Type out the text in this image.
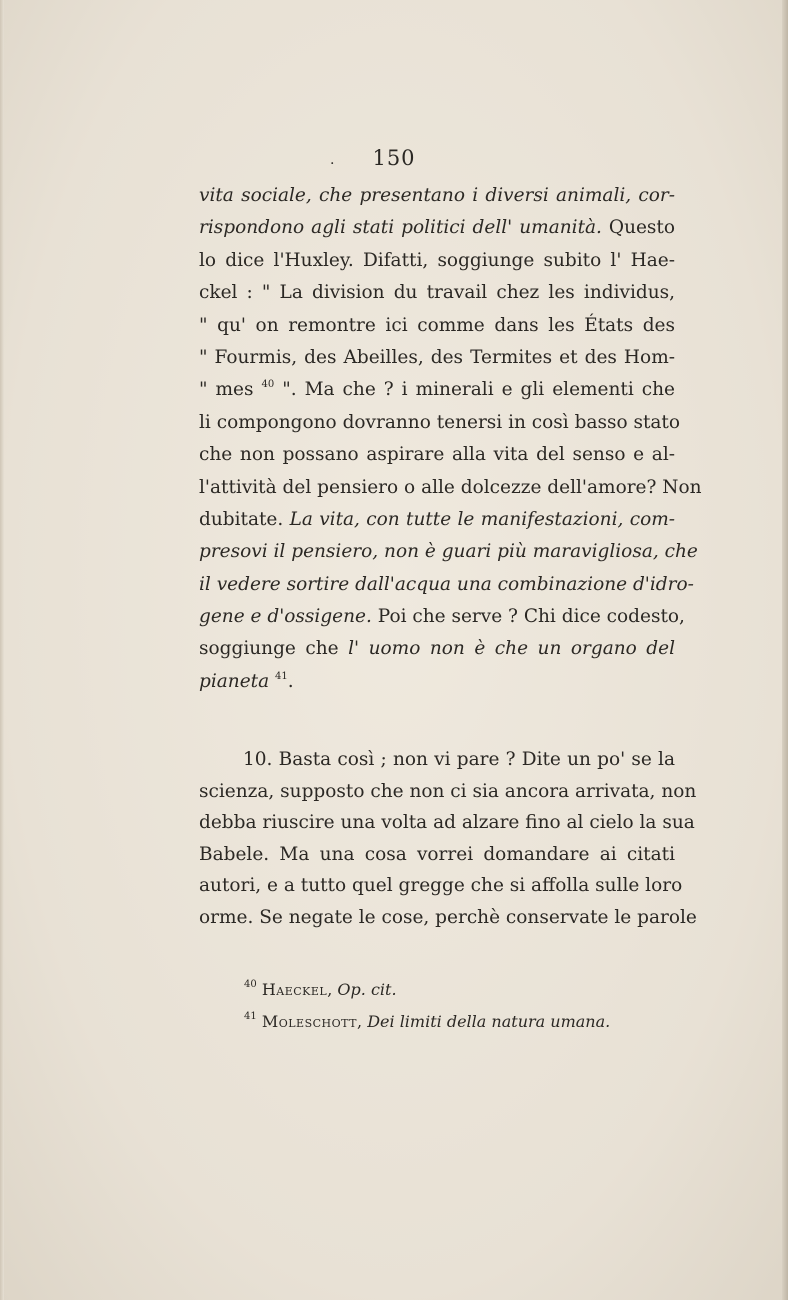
.	150
vita sociale, che presentano i diversi animali, cor-
rispondono agli stati politici dell' umanità. Questo
lo dice l'Huxley. Difatti, soggiunge subito l' Hae-
ckel : " La division du travail chez les individus,
" qu' on remontre ici comme dans les États des
" Fourmis, des Abeilles, des Termites et des Hom-
" mes $^{40}$ ". Ma che ? i minerali e gli elementi che
li compongono dovranno tenersi in così basso stato
che non possano aspirare alla vita del senso e al-
l'attività del pensiero o alle dolcezze dell'amore? Non
dubitate. La vita, con tutte le manifestazioni, com-
presovi il pensiero, non è guari più maravigliosa, che
il vedere sortire dall'acqua una combinazione d'idro-
gene e d'ossigene. Poi che serve ? Chi dice codesto,
soggiunge che l' uomo non è che un organo del
pianeta $^{41}$.
10. Basta così ; non vi pare ? Dite un po' se la
scienza, supposto che non ci sia ancora arrivata, non
debba riuscire una volta ad alzare fino al cielo la sua
Babele. Ma una cosa vorrei domandare ai citati
autori, e a tutto quel gregge che si affolla sulle loro
orme. Se negate le cose, perchè conservate le parole
$^{40}$ Haeckel, Op. cit.
$^{41}$ Moleschott, Dei limiti della natura umana.
